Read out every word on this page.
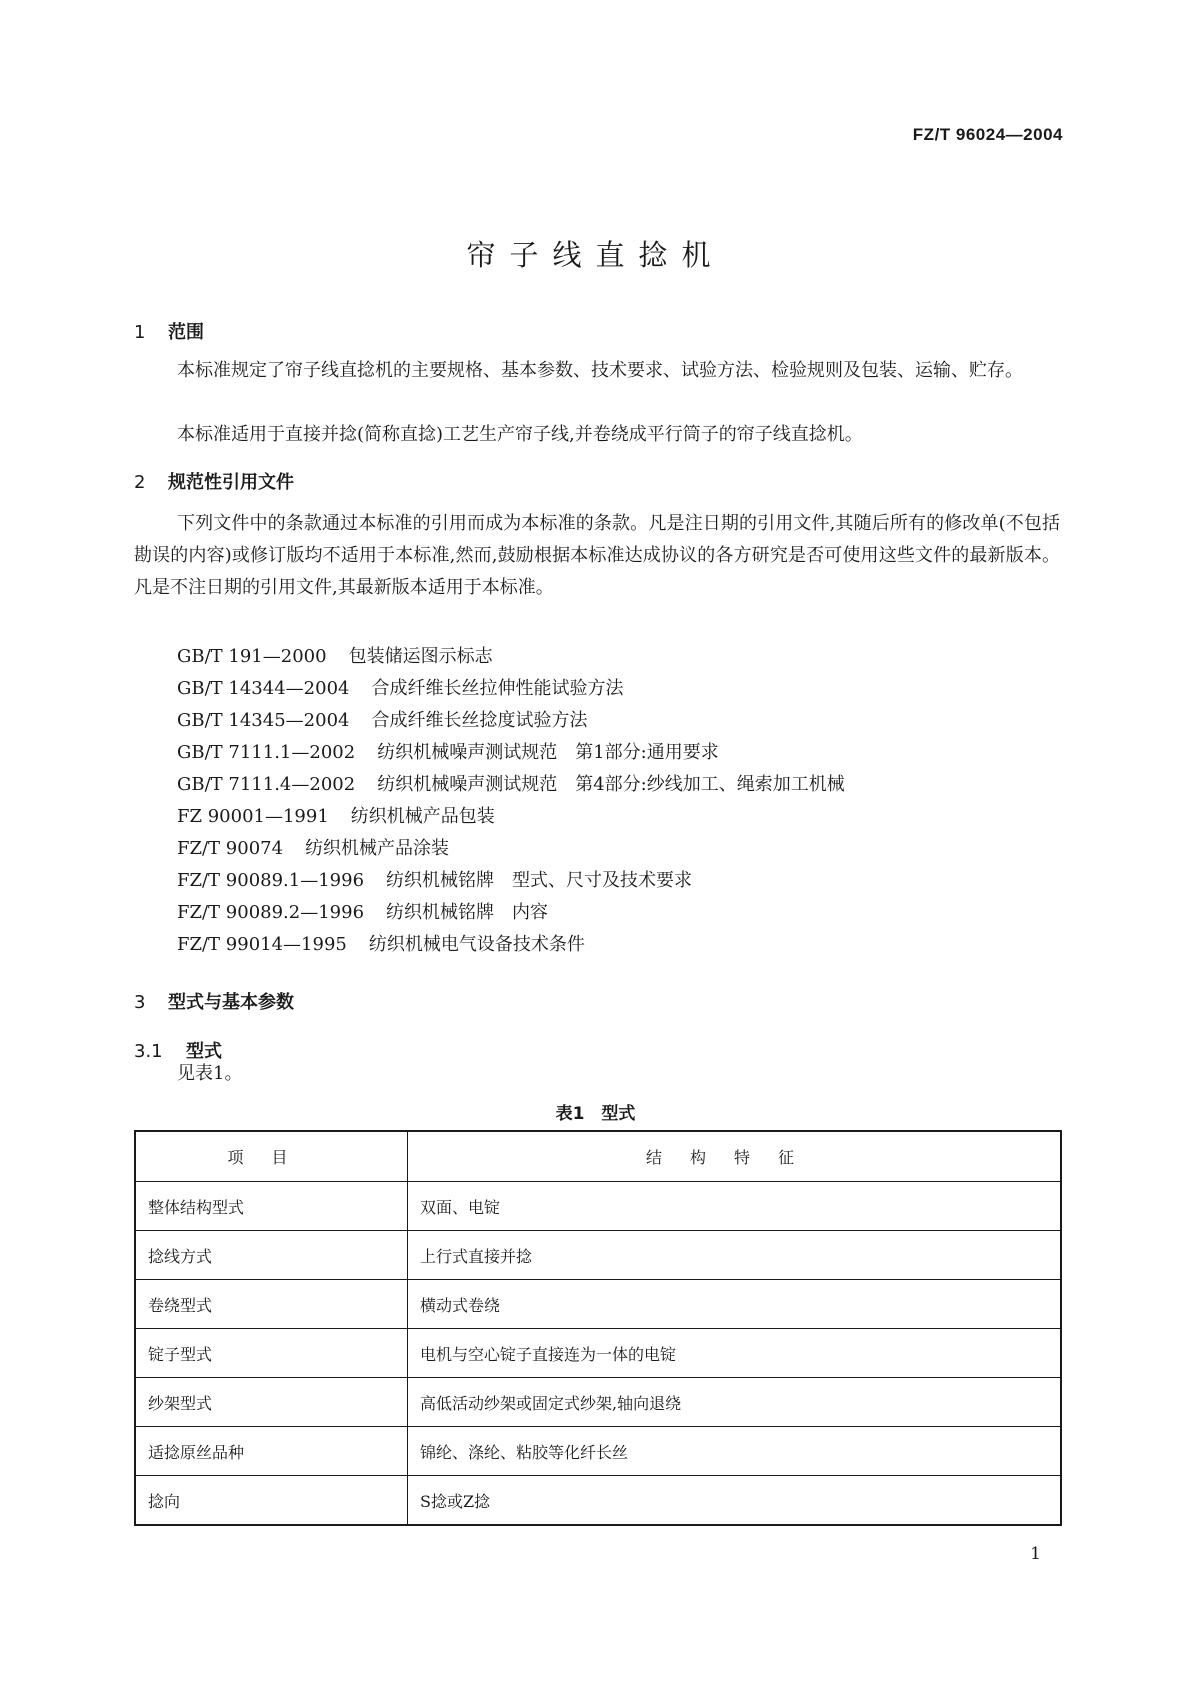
FZ/T 96024—2004
帘子线直捻机
1 范围
本标准规定了帘子线直捻机的主要规格、基本参数、技术要求、试验方法、检验规则及包装、运输、贮存。
本标准适用于直接并捻(简称直捻)工艺生产帘子线,并卷绕成平行筒子的帘子线直捻机。
2 规范性引用文件
下列文件中的条款通过本标准的引用而成为本标准的条款。凡是注日期的引用文件,其随后所有的修改单(不包括勘误的内容)或修订版均不适用于本标准,然而,鼓励根据本标准达成协议的各方研究是否可使用这些文件的最新版本。凡是不注日期的引用文件,其最新版本适用于本标准。
GB/T 191—2000 包装储运图示标志
GB/T 14344—2004 合成纤维长丝拉伸性能试验方法
GB/T 14345—2004 合成纤维长丝捻度试验方法
GB/T 7111.1—2002 纺织机械噪声测试规范　第1部分:通用要求
GB/T 7111.4—2002 纺织机械噪声测试规范　第4部分:纱线加工、绳索加工机械
FZ 90001—1991 纺织机械产品包装
FZ/T 90074 纺织机械产品涂装
FZ/T 90089.1—1996 纺织机械铭牌　型式、尺寸及技术要求
FZ/T 90089.2—1996 纺织机械铭牌　内容
FZ/T 99014—1995 纺织机械电气设备技术条件
3 型式与基本参数
3.1 型式
见表1。
表1　型式
项目	结构特征
整体结构型式	双面、电锭
捻线方式	上行式直接并捻
卷绕型式	横动式卷绕
锭子型式	电机与空心锭子直接连为一体的电锭
纱架型式	高低活动纱架或固定式纱架,轴向退绕
适捻原丝品种	锦纶、涤纶、粘胶等化纤长丝
捻向	S捻或Z捻
1
